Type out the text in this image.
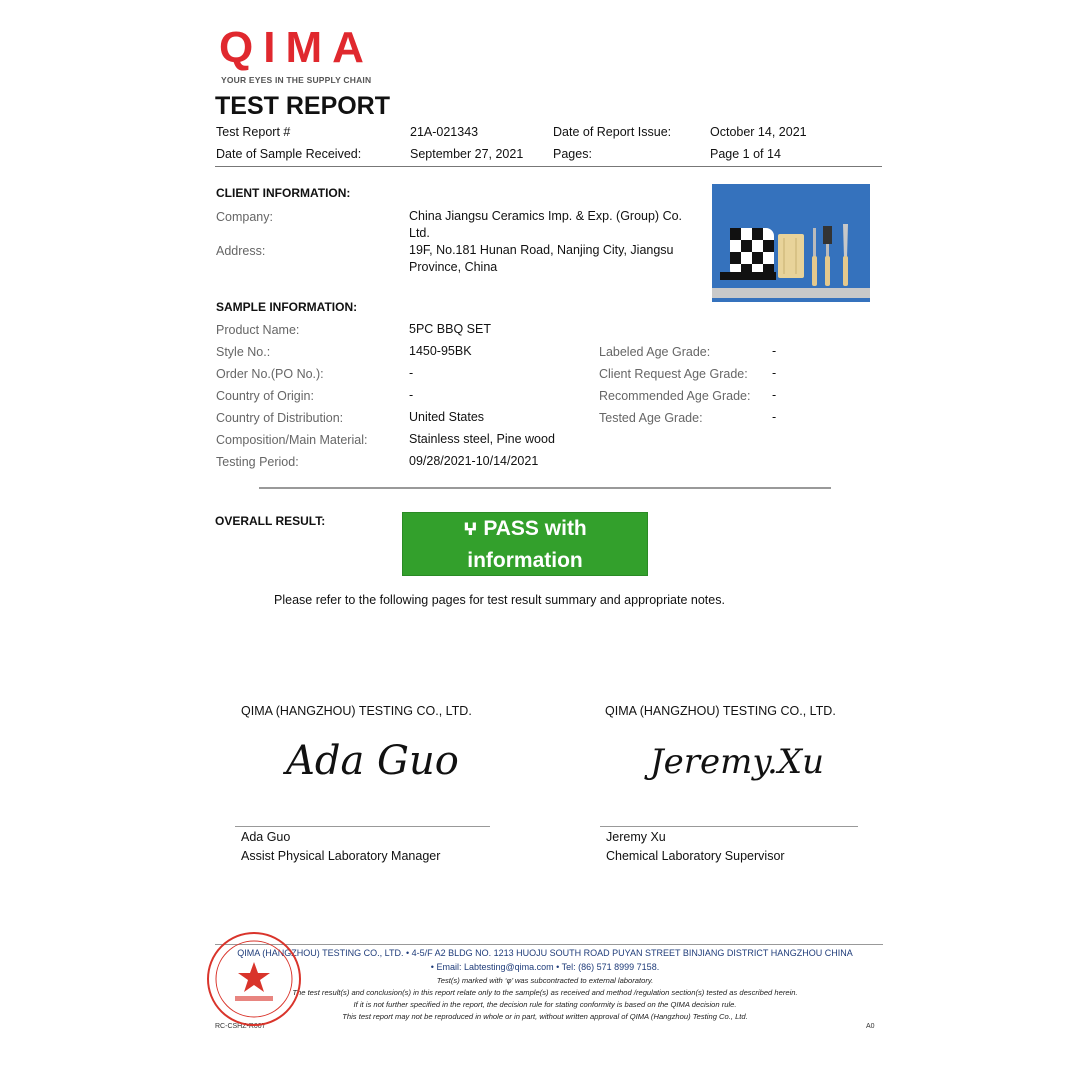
QIMA
YOUR EYES IN THE SUPPLY CHAIN
TEST REPORT
Test Report #	21A-021343	Date of Report Issue:	October 14, 2021
Date of Sample Received:	September 27, 2021 Pages:	Page 1 of 14
CLIENT INFORMATION:
Company:	China Jiangsu Ceramics Imp. & Exp. (Group) Co.
Ltd.
Address:	19F, No.181 Hunan Road, Nanjing City, Jiangsu
Province, China
SAMPLE INFORMATION:
Product Name:	5PC BBQ SET
Style No.:	1450-95BK
Order No.(PO No.):	-
Country of Origin:	-
Country of Distribution:	United States
Composition/Main Material:	Stainless steel, Pine wood
Testing Period:	09/28/2021-10/14/2021
Labeled Age Grade:	-
Client Request Age Grade: -
Recommended Age Grade: -
Tested Age Grade:	-
OVERALL RESULT:	ⵖ PASS with
information
Please refer to the following pages for test result summary and appropriate notes.
QIMA (HANGZHOU) TESTING CO., LTD.
Ada Guo
Ada Guo
Assist Physical Laboratory Manager
QIMA (HANGZHOU) TESTING CO., LTD.
Jeremy.Xu
Jeremy Xu
Chemical Laboratory Supervisor
QIMA (HANGZHOU) TESTING CO., LTD. • 4-5/F A2 BLDG NO. 1213 HUOJU SOUTH ROAD PUYAN STREET BINJIANG DISTRICT HANGZHOU CHINA
• Email: Labtesting@qima.com • Tel: (86) 571 8999 7158.
Test(s) marked with ‘φ’ was subcontracted to external laboratory.
The test result(s) and conclusion(s) in this report relate only to the sample(s) as received and method /regulation section(s) tested as described herein.
If it is not further specified in the report, the decision rule for stating conformity is based on the QIMA decision rule.
This test report may not be reproduced in whole or in part, without written approval of QIMA (Hangzhou) Testing Co., Ltd.
RC-CSHZ-R007	A0
